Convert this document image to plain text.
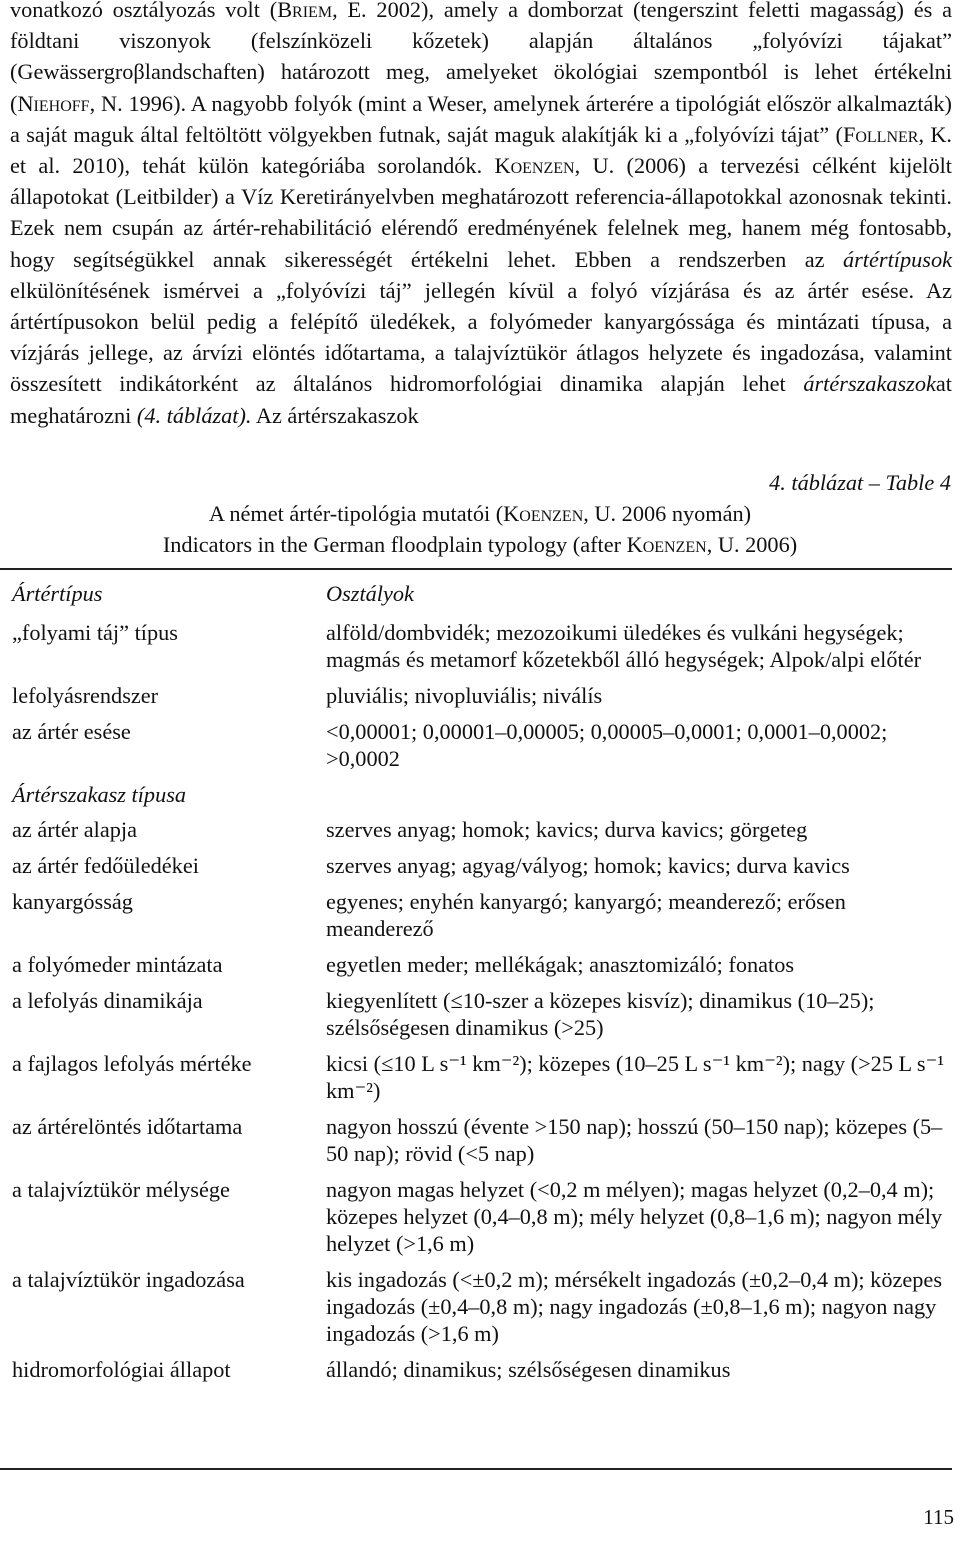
vonatkozó osztályozás volt (Briem, E. 2002), amely a domborzat (tengerszint feletti magasság) és a földtani viszonyok (felszínközeli kőzetek) alapján általános „folyóvízi tájakat” (Gewässergroβlandschaften) határozott meg, amelyeket ökológiai szempontból is lehet értékelni (Niehoff, N. 1996). A nagyobb folyók (mint a Weser, amelynek árterére a tipológiát először alkalmazták) a saját maguk által feltöltött völgyekben futnak, saját maguk alakítják ki a „folyóvízi tájat” (Follner, K. et al. 2010), tehát külön kategóriába sorolandók. Koenzen, U. (2006) a tervezési célként kijelölt állapotokat (Leitbilder) a Víz Keretirányelvben meghatározott referencia-állapotokkal azonosnak tekinti. Ezek nem csupán az ártér-rehabilitáció elérendő eredményének felelnek meg, hanem még fontosabb, hogy segítségükkel annak sikerességét értékelni lehet. Ebben a rendszerben az ártértípusok elkülönítésének ismérvei a „folyóvízi táj” jellegén kívül a folyó vízjárása és az ártér esése. Az ártértípusokon belül pedig a felépítő üledékek, a folyómeder kanyargóssága és mintázati típusa, a vízjárás jellege, az árvízi elöntés időtartama, a talajvíztükör átlagos helyzete és ingadozása, valamint összesített indikátorként az általános hidromorfológiai dinamika alapján lehet ártérszakaszokat meghatározni (4. táblázat). Az ártérszakaszok

4. táblázat – Table 4

A német ártér-tipológia mutatói (Koenzen, U. 2006 nyomán)

Indicators in the German floodplain typology (after Koenzen, U. 2006)

Ártértípus	Osztályok
„folyami táj” típus	alföld/dombvidék; mezozoikumi üledékes és vulkáni hegységek; magmás és metamorf kőzetekből álló hegységek; Alpok/alpi előtér
lefolyásrendszer	pluviális; nivopluviális; niválís
az ártér esése	<0,00001; 0,00001–0,00005; 0,00005–0,0001; 0,0001–0,0002; >0,0002
Ártérszakasz típusa	
az ártér alapja	szerves anyag; homok; kavics; durva kavics; görgeteg
az ártér fedőüledékei	szerves anyag; agyag/vályog; homok; kavics; durva kavics
kanyargósság	egyenes; enyhén kanyargó; kanyargó; meanderező; erősen meanderező
a folyómeder mintázata	egyetlen meder; mellékágak; anasztomizáló; fonatos
a lefolyás dinamikája	kiegyenlített (≤10-szer a közepes kisvíz); dinamikus (10–25); szélsőségesen dinamikus (>25)
a fajlagos lefolyás mértéke	kicsi (≤10 L s⁻¹ km⁻²); közepes (10–25 L s⁻¹ km⁻²); nagy (>25 L s⁻¹ km⁻²)
az ártérelöntés időtartama	nagyon hosszú (évente >150 nap); hosszú (50–150 nap); közepes (5–50 nap); rövid (<5 nap)
a talajvíztükör mélysége	nagyon magas helyzet (<0,2 m mélyen); magas helyzet (0,2–0,4 m); közepes helyzet (0,4–0,8 m); mély helyzet (0,8–1,6 m); nagyon mély helyzet (>1,6 m)
a talajvíztükör ingadozása	kis ingadozás (<±0,2 m); mérsékelt ingadozás (±0,2–0,4 m); közepes ingadozás (±0,4–0,8 m); nagy ingadozás (±0,8–1,6 m); nagyon nagy ingadozás (>1,6 m)
hidromorfológiai állapot	állandó; dinamikus; szélsőségesen dinamikus

115
